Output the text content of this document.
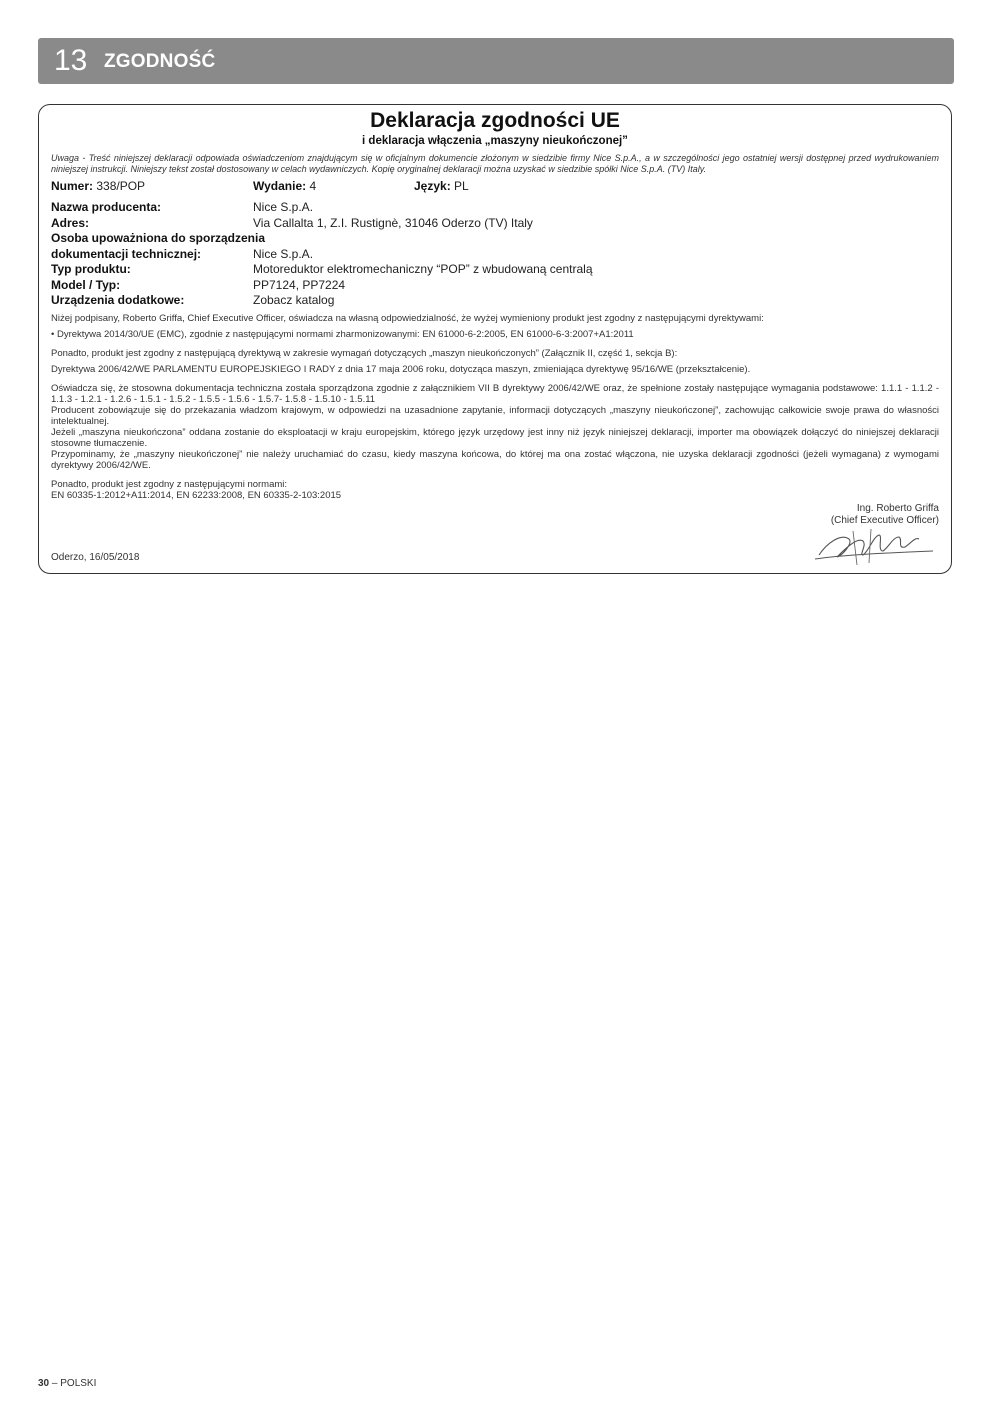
13 ZGODNOŚĆ
Deklaracja zgodności UE
i deklaracja włączenia „maszyny nieukończonej”

Uwaga - Treść niniejszej deklaracji odpowiada oświadczeniom znajdującym się w oficjalnym dokumencie złożonym w siedzibie firmy Nice S.p.A., a w szczególności jego ostatniej wersji dostępnej przed wydrukowaniem niniejszej instrukcji. Niniejszy tekst został dostosowany w celach wydawniczych. Kopię oryginalnej deklaracji można uzyskać w siedzibie spółki Nice S.p.A. (TV) Italy.

Numer: 338/POP	Wydanie: 4	Język: PL
Nazwa producenta:	Nice S.p.A.
Adres:	Via Callalta 1, Z.I. Rustignè, 31046 Oderzo (TV) Italy
Osoba upoważniona do sporządzenia
dokumentacji technicznej:	Nice S.p.A.
Typ produktu:	Motoreduktor elektromechaniczny “POP” z wbudowaną centralą
Model / Typ:	PP7124, PP7224
Urządzenia dodatkowe:	Zobacz katalog

Niżej podpisany, Roberto Griffa, Chief Executive Officer, oświadcza na własną odpowiedzialność, że wyżej wymieniony produkt jest zgodny z następującymi dyrektywami:

• Dyrektywa 2014/30/UE (EMC), zgodnie z następującymi normami zharmonizowanymi: EN 61000-6-2:2005, EN 61000-6-3:2007+A1:2011

Ponadto, produkt jest zgodny z następującą dyrektywą w zakresie wymagań dotyczących „maszyn nieukończonych” (Załącznik II, część 1, sekcja B):

Dyrektywa 2006/42/WE PARLAMENTU EUROPEJSKIEGO I RADY z dnia 17 maja 2006 roku, dotycząca maszyn, zmieniająca dyrektywę 95/16/WE (przekształcenie).

Oświadcza się, że stosowna dokumentacja techniczna została sporządzona zgodnie z załącznikiem VII B dyrektywy 2006/42/WE oraz, że spełnione zostały następujące wymagania podstawowe: 1.1.1 - 1.1.2 - 1.1.3 - 1.2.1 - 1.2.6 - 1.5.1 - 1.5.2 - 1.5.5 - 1.5.6 - 1.5.7- 1.5.8 - 1.5.10 - 1.5.11

Producent zobowiązuje się do przekazania władzom krajowym, w odpowiedzi na uzasadnione zapytanie, informacji dotyczących „maszyny nieukończonej”, zachowując całkowicie swoje prawa do własności intelektualnej.

Jeżeli „maszyna nieukończona” oddana zostanie do eksploatacji w kraju europejskim, którego język urzędowy jest inny niż język niniejszej deklaracji, importer ma obowiązek dołączyć do niniejszej deklaracji stosowne tłumaczenie.

Przypominamy, że „maszyny nieukończonej” nie należy uruchamiać do czasu, kiedy maszyna końcowa, do której ma ona zostać włączona, nie uzyska deklaracji zgodności (jeżeli wymagana) z wymogami dyrektywy 2006/42/WE.

Ponadto, produkt jest zgodny z następującymi normami:

EN 60335-1:2012+A11:2014, EN 62233:2008, EN 60335-2-103:2015

Ing. Roberto Griffa
(Chief Executive Officer)
Oderzo, 16/05/2018
30 – POLSKI
